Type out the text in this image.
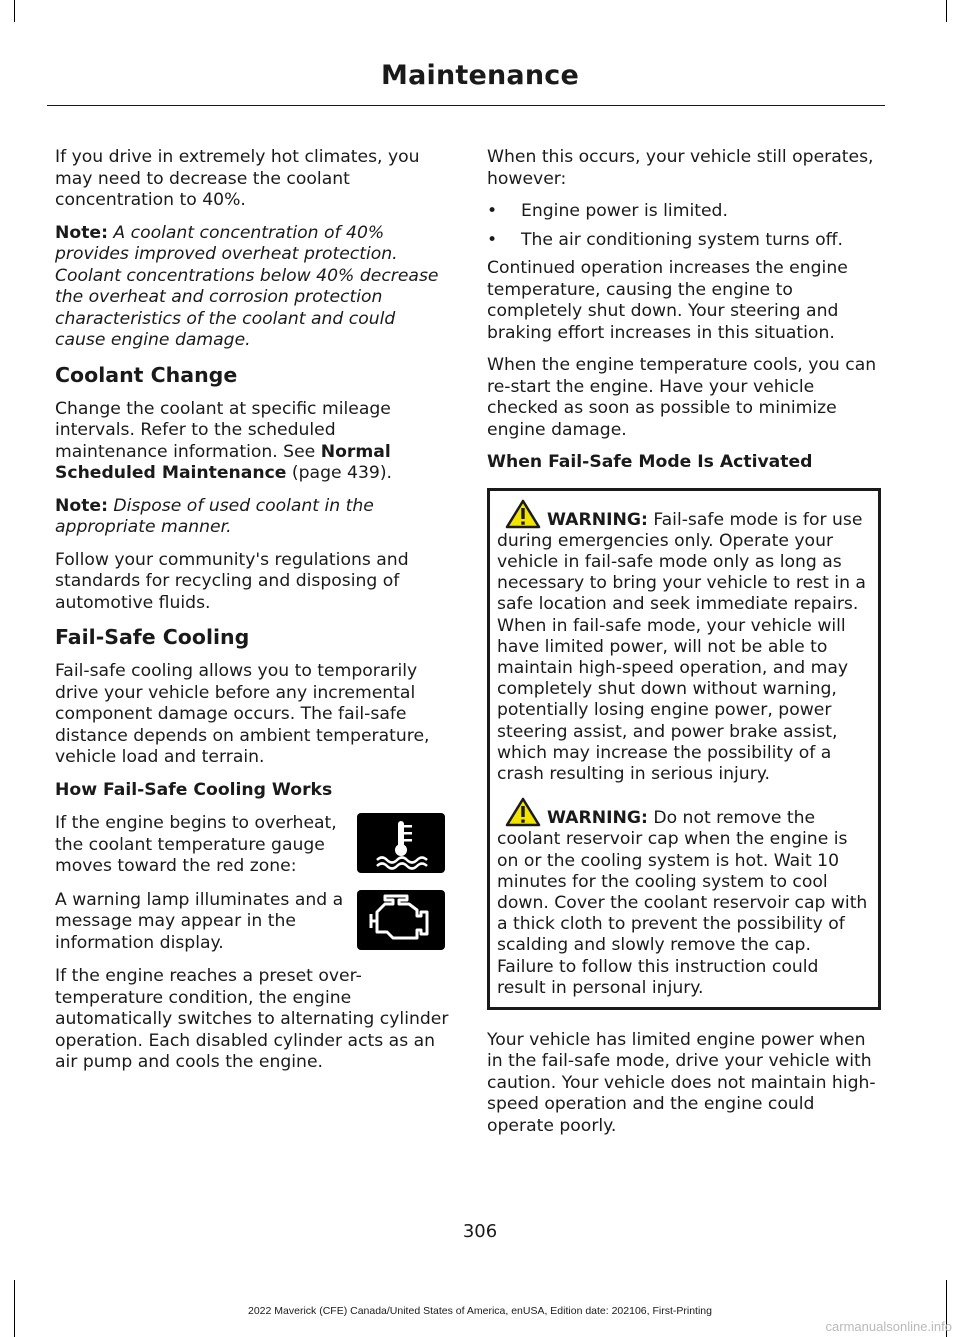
Maintenance

If you drive in extremely hot climates, you may need to decrease the coolant concentration to 40%.

Note: A coolant concentration of 40% provides improved overheat protection. Coolant concentrations below 40% decrease the overheat and corrosion protection characteristics of the coolant and could cause engine damage.

Coolant Change

Change the coolant at specific mileage intervals. Refer to the scheduled maintenance information. See Normal Scheduled Maintenance (page 439).

Note: Dispose of used coolant in the appropriate manner.

Follow your community's regulations and standards for recycling and disposing of automotive fluids.

Fail-Safe Cooling

Fail-safe cooling allows you to temporarily drive your vehicle before any incremental component damage occurs. The fail-safe distance depends on ambient temperature, vehicle load and terrain.

How Fail-Safe Cooling Works
If the engine begins to overheat, the coolant temperature gauge moves toward the red zone:
A warning lamp illuminates and a message may appear in the information display.

If the engine reaches a preset over-temperature condition, the engine automatically switches to alternating cylinder operation. Each disabled cylinder acts as an air pump and cools the engine.

When this occurs, your vehicle still operates, however:

• Engine power is limited.
• The air conditioning system turns off.

Continued operation increases the engine temperature, causing the engine to completely shut down. Your steering and braking effort increases in this situation.

When the engine temperature cools, you can re-start the engine. Have your vehicle checked as soon as possible to minimize engine damage.

When Fail-Safe Mode Is Activated

WARNING: Fail-safe mode is for use during emergencies only. Operate your vehicle in fail-safe mode only as long as necessary to bring your vehicle to rest in a safe location and seek immediate repairs. When in fail-safe mode, your vehicle will have limited power, will not be able to maintain high-speed operation, and may completely shut down without warning, potentially losing engine power, power steering assist, and power brake assist, which may increase the possibility of a crash resulting in serious injury.

WARNING: Do not remove the coolant reservoir cap when the engine is on or the cooling system is hot. Wait 10 minutes for the cooling system to cool down. Cover the coolant reservoir cap with a thick cloth to prevent the possibility of scalding and slowly remove the cap. Failure to follow this instruction could result in personal injury.

Your vehicle has limited engine power when in the fail-safe mode, drive your vehicle with caution. Your vehicle does not maintain high-speed operation and the engine could operate poorly.

306
2022 Maverick (CFE) Canada/United States of America, enUSA, Edition date: 202106, First-Printing
carmanualsonline.info
